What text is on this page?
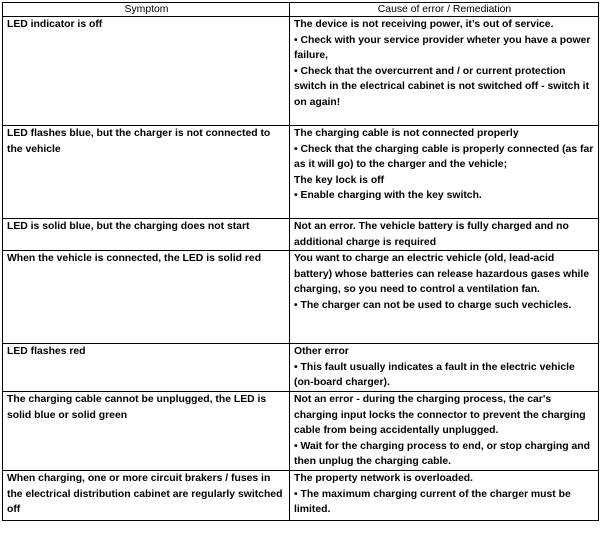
Symptom	Cause of error / Remediation
LED indicator is off	The device is not receiving power, it’s out of service.
• Check with your service provider wheter you have a power failure,
• Check that the overcurrent and / or current protection switch in the electrical cabinet is not switched off - switch it on again!

LED flashes blue, but the charger is not connected to the vehicle	The charging cable is not connected properly
• Check that the charging cable is properly connected (as far as it will go) to the charger and the vehicle;
The key lock is off
• Enable charging with the key switch.

LED is solid blue, but the charging does not start	Not an error. The vehicle battery is fully charged and no additional charge is required

When the vehicle is connected, the LED is solid red	You want to charge an electric vehicle (old, lead-acid battery) whose batteries can release hazardous gases while charging, so you need to control a ventilation fan.
• The charger can not be used to charge such vechicles.

LED flashes red	Other error
• This fault usually indicates a fault in the electric vehicle (on-board charger).

The charging cable cannot be unplugged, the LED is solid blue or solid green	Not an error - during the charging process, the car's charging input locks the connector to prevent the charging cable from being accidentally unplugged.
• Wait for the charging process to end, or stop charging and then unplug the charging cable.

When charging, one or more circuit brakers / fuses in the electrical distribution cabinet are regularly switched off	The property network is overloaded.
• The maximum charging current of the charger must be limited.
